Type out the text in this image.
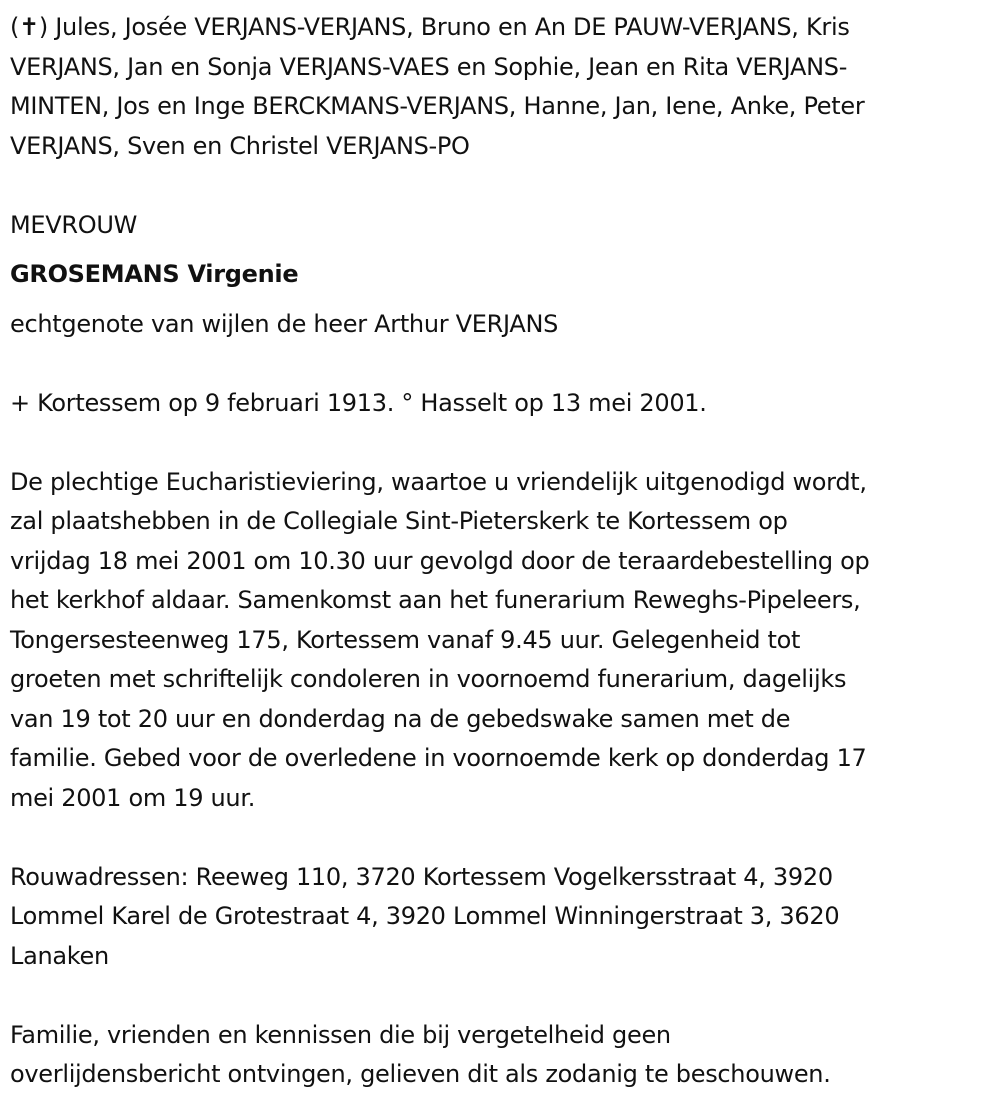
(✝) Jules, Josée VERJANS-VERJANS, Bruno en An DE PAUW-VERJANS, Kris
VERJANS, Jan en Sonja VERJANS-VAES en Sophie, Jean en Rita VERJANS-
MINTEN, Jos en Inge BERCKMANS-VERJANS, Hanne, Jan, Iene, Anke, Peter
VERJANS, Sven en Christel VERJANS-PO
MEVROUW
GROSEMANS Virgenie
echtgenote van wijlen de heer Arthur VERJANS
+ Kortessem op 9 februari 1913. ° Hasselt op 13 mei 2001.
De plechtige Eucharistieviering, waartoe u vriendelijk uitgenodigd wordt,
zal plaatshebben in de Collegiale Sint-Pieterskerk te Kortessem op
vrijdag 18 mei 2001 om 10.30 uur gevolgd door de teraardebestelling op
het kerkhof aldaar. Samenkomst aan het funerarium Reweghs-Pipeleers,
Tongersesteenweg 175, Kortessem vanaf 9.45 uur. Gelegenheid tot
groeten met schriftelijk condoleren in voornoemd funerarium, dagelijks
van 19 tot 20 uur en donderdag na de gebedswake samen met de
familie. Gebed voor de overledene in voornoemde kerk op donderdag 17
mei 2001 om 19 uur.
Rouwadressen: Reeweg 110, 3720 Kortessem Vogelkersstraat 4, 3920
Lommel Karel de Grotestraat 4, 3920 Lommel Winningerstraat 3, 3620
Lanaken
Familie, vrienden en kennissen die bij vergetelheid geen
overlijdensbericht ontvingen, gelieven dit als zodanig te beschouwen.
